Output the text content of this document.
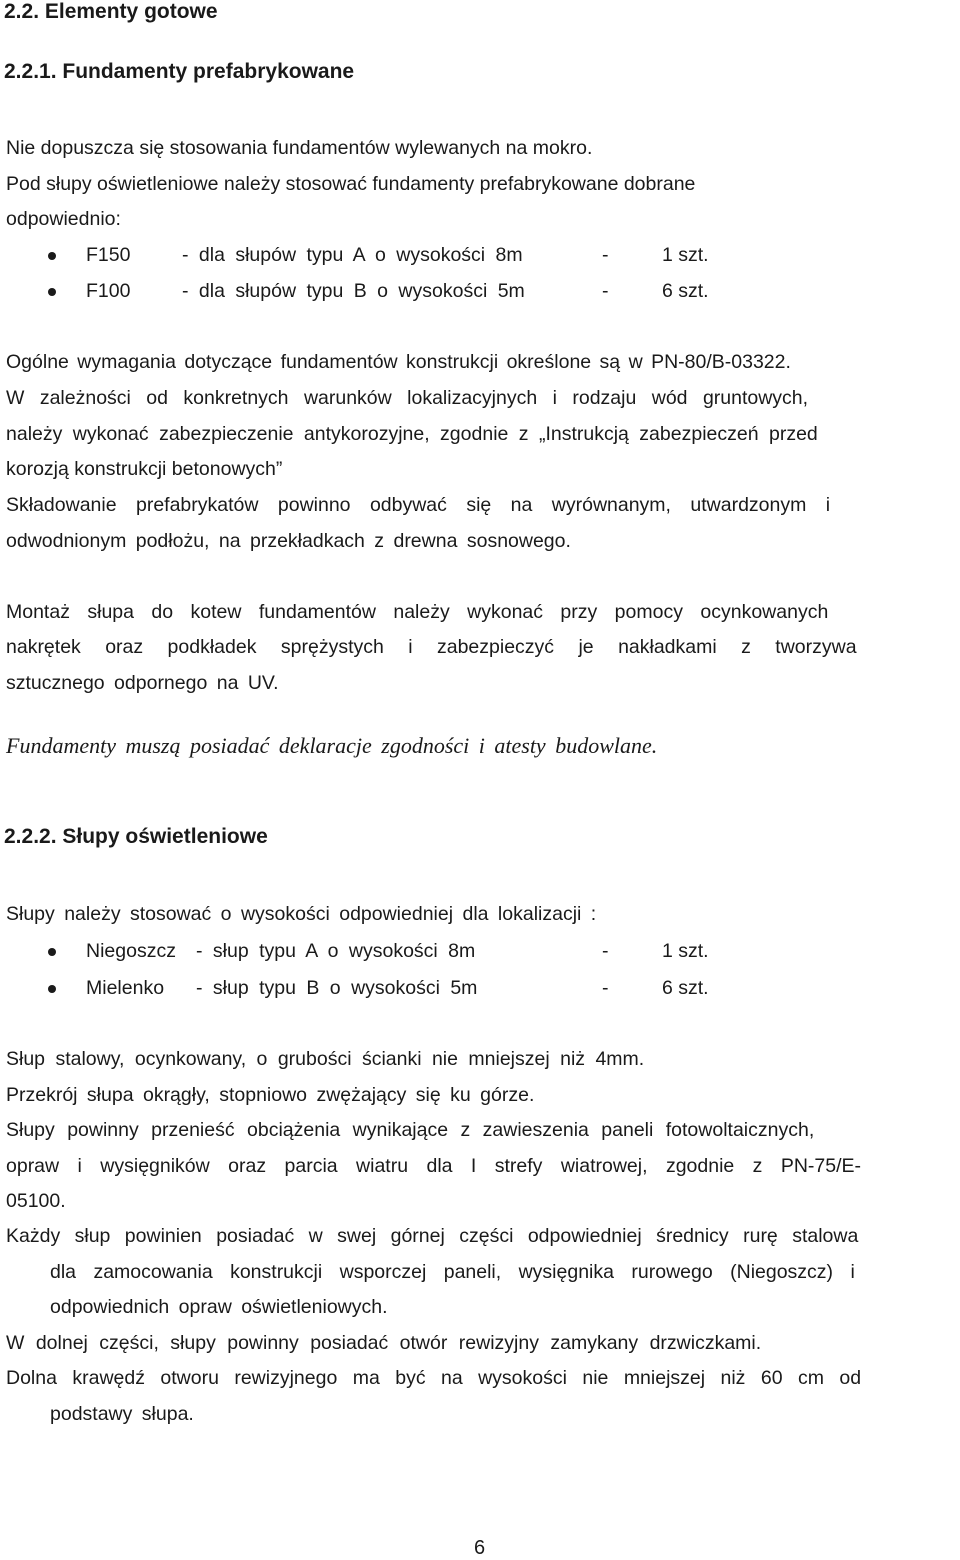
2.2. Elementy gotowe
2.2.1. Fundamenty prefabrykowane
Nie dopuszcza się stosowania fundamentów wylewanych na mokro.
Pod słupy oświetleniowe należy stosować fundamenty prefabrykowane dobrane
odpowiednio:
F150	- dla słupów typu A o wysokości 8m	-	1 szt.
F100	- dla słupów typu B o wysokości 5m	-	6 szt.
Ogólne wymagania dotyczące fundamentów konstrukcji określone są w PN-80/B-03322.
W zależności od konkretnych warunków lokalizacyjnych i rodzaju wód gruntowych,
należy wykonać zabezpieczenie antykorozyjne, zgodnie z „Instrukcją zabezpieczeń przed
korozją konstrukcji betonowych”
Składowanie prefabrykatów powinno odbywać się na wyrównanym, utwardzonym i
odwodnionym podłożu, na przekładkach z drewna sosnowego.
Montaż słupa do kotew fundamentów należy wykonać przy pomocy ocynkowanych
nakrętek oraz podkładek sprężystych i zabezpieczyć je nakładkami z tworzywa
sztucznego odpornego na UV.
Fundamenty muszą posiadać deklaracje zgodności i atesty budowlane.
2.2.2. Słupy oświetleniowe
Słupy należy stosować o wysokości odpowiedniej dla lokalizacji :
Niegoszcz - słup typu A o wysokości 8m	-	1 szt.
Mielenko - słup typu B o wysokości 5m	-	6 szt.
Słup stalowy, ocynkowany, o grubości ścianki nie mniejszej niż 4mm.
Przekrój słupa okrągły, stopniowo zwężający się ku górze.
Słupy powinny przenieść obciążenia wynikające z zawieszenia paneli fotowoltaicznych,
opraw i wysięgników oraz parcia wiatru dla I strefy wiatrowej, zgodnie z PN-75/E-
05100.
Każdy słup powinien posiadać w swej górnej części odpowiedniej średnicy rurę stalowa
dla zamocowania konstrukcji wsporczej paneli, wysięgnika rurowego (Niegoszcz) i
odpowiednich opraw oświetleniowych.
W dolnej części, słupy powinny posiadać otwór rewizyjny zamykany drzwiczkami.
Dolna krawędź otworu rewizyjnego ma być na wysokości nie mniejszej niż 60 cm od
podstawy słupa.
6
